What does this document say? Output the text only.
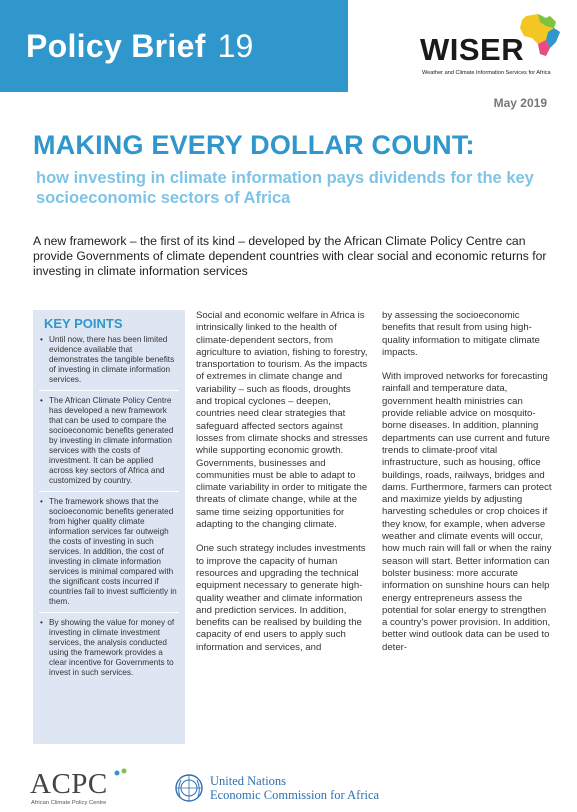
Policy Brief 19	WISER
Weather and Climate Information Services for Africa
May 2019
MAKING EVERY DOLLAR COUNT:
how investing in climate information pays dividends for the key socioeconomic sectors of Africa

A new framework – the first of its kind – developed by the African Climate Policy Centre can provide Governments of climate dependent countries with clear social and economic returns for investing in climate information services

KEY POINTS
• Until now, there has been limited evidence available that demonstrates the tangible benefits of investing in climate information services.
• The African Climate Policy Centre has developed a new framework that can be used to compare the socioeconomic benefits generated by investing in climate information services with the costs of investment. It can be applied across key sectors of Africa and customized by country.
• The framework shows that the socioeconomic benefits generated from higher quality climate information services far outweigh the costs of investing in such services. In addition, the cost of investing in climate information services is minimal compared with the significant costs incurred if countries fail to invest sufficiently in them.
• By showing the value for money of investing in climate investment services, the analysis conducted using the framework provides a clear incentive for Governments to invest in such services.

Social and economic welfare in Africa is intrinsically linked to the health of climate-dependent sectors, from agriculture to aviation, fishing to forestry, transportation to tourism. As the impacts of extremes in climate change and variability – such as floods, droughts and tropical cyclones – deepen, countries need clear strategies that safeguard affected sectors against losses from climate shocks and stresses while supporting economic growth. Governments, businesses and communities must be able to adapt to climate variability in order to mitigate the threats of climate change, while at the same time seizing opportunities for adapting to the changing climate.

One such strategy includes investments to improve the capacity of human resources and upgrading the technical equipment necessary to generate high-quality weather and climate information and prediction services. In addition, benefits can be realised by building the capacity of end users to apply such information and services, and

by assessing the socioeconomic benefits that result from using high-quality information to mitigate climate impacts.

With improved networks for forecasting rainfall and temperature data, government health ministries can provide reliable advice on mosquito-borne diseases. In addition, planning departments can use current and future trends to climate-proof vital infrastructure, such as housing, office buildings, roads, railways, bridges and dams. Furthermore, farmers can protect and maximize yields by adjusting harvesting schedules or crop choices if they know, for example, when adverse weather and climate events will occur, how much rain will fall or when the rainy season will start. Better information can bolster business: more accurate information on sunshine hours can help energy entrepreneurs assess the potential for solar energy to strengthen a country's power provision. In addition, better wind outlook data can be used to deter-

ACPC
African Climate Policy Centre
United Nations
Economic Commission for Africa
